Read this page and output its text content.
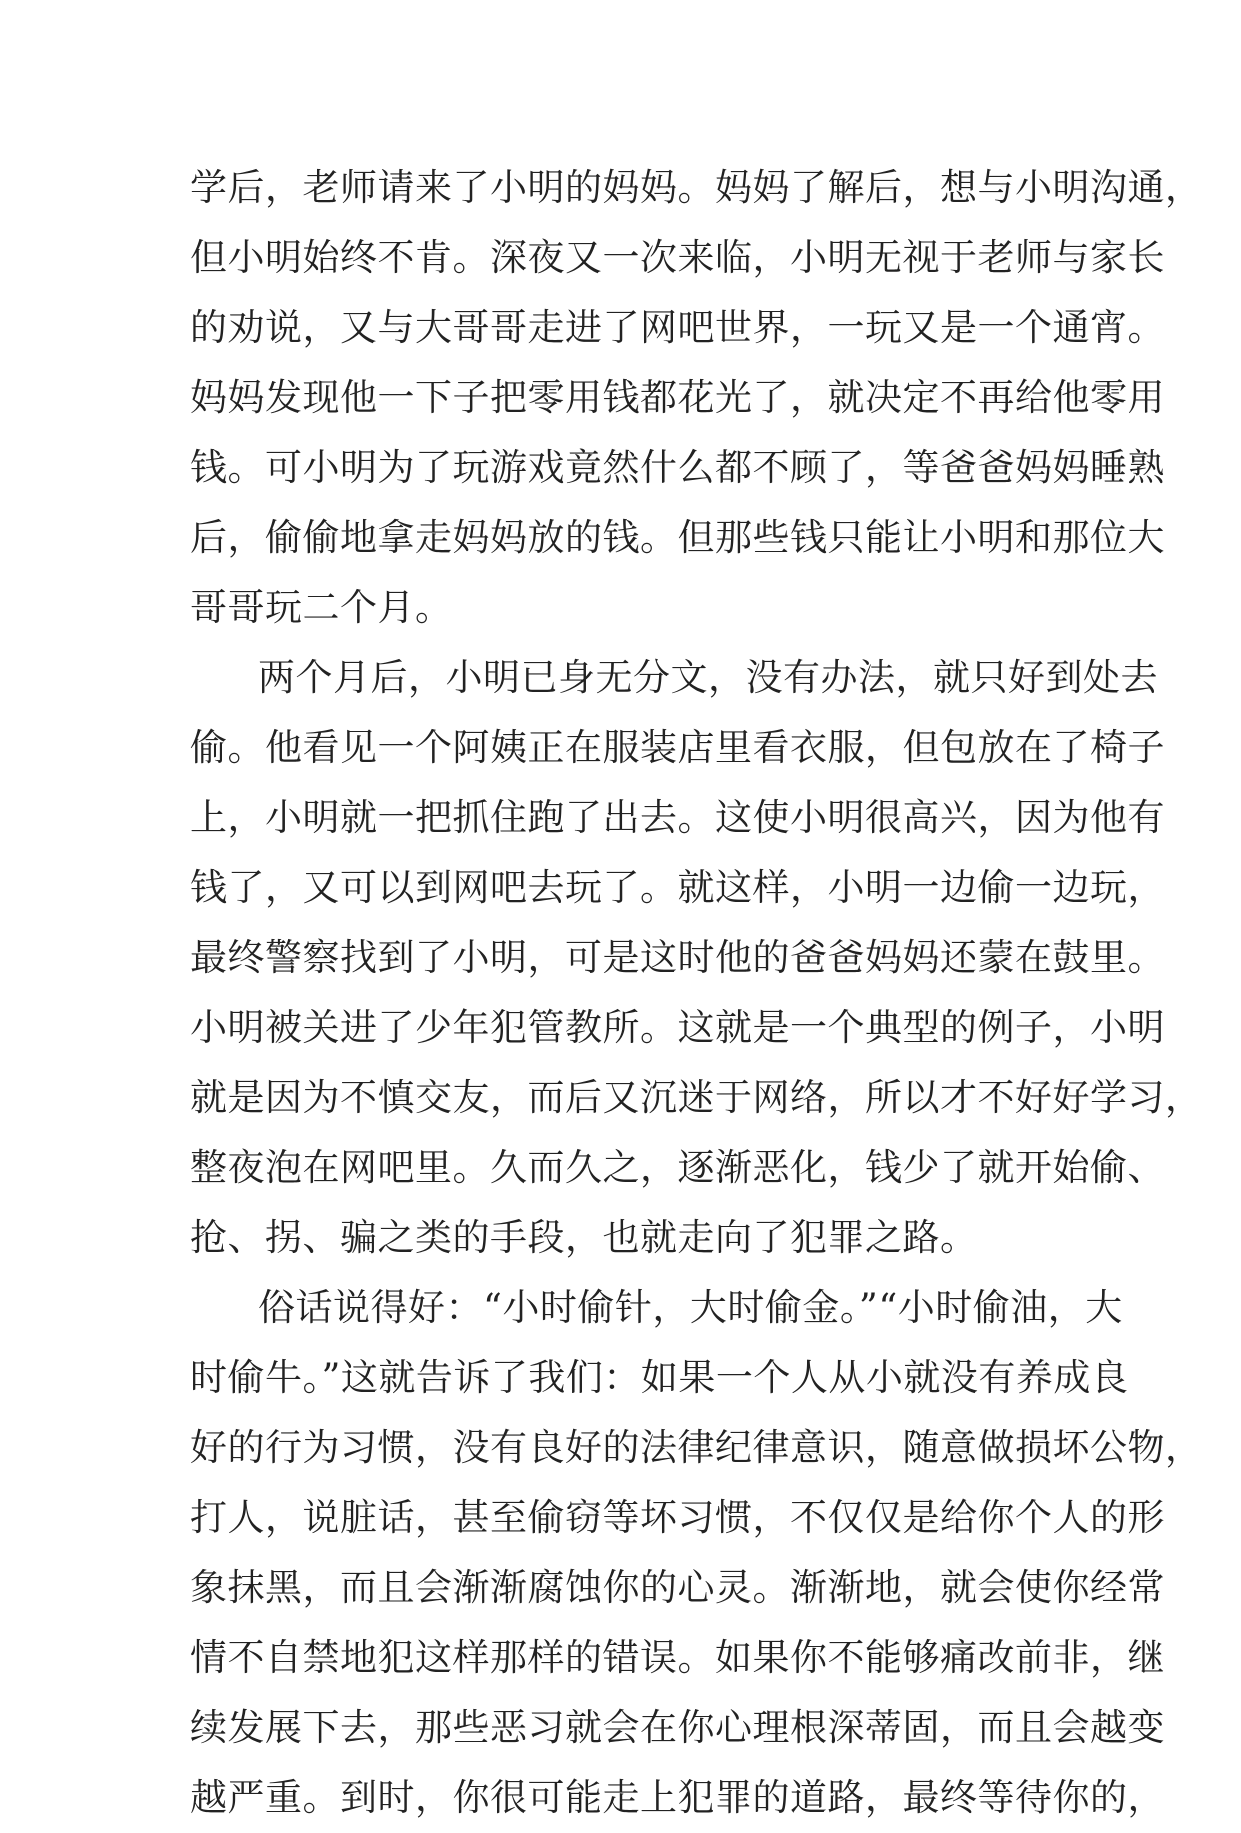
学后，老师请来了小明的妈妈。妈妈了解后，想与小明沟通，
但小明始终不肯。深夜又一次来临，小明无视于老师与家长
的劝说，又与大哥哥走进了网吧世界，一玩又是一个通宵。
妈妈发现他一下子把零用钱都花光了，就决定不再给他零用
钱。可小明为了玩游戏竟然什么都不顾了，等爸爸妈妈睡熟
后，偷偷地拿走妈妈放的钱。但那些钱只能让小明和那位大
哥哥玩二个月。
两个月后，小明已身无分文，没有办法，就只好到处去
偷。他看见一个阿姨正在服装店里看衣服，但包放在了椅子
上，小明就一把抓住跑了出去。这使小明很高兴，因为他有
钱了，又可以到网吧去玩了。就这样，小明一边偷一边玩，
最终警察找到了小明，可是这时他的爸爸妈妈还蒙在鼓里。
小明被关进了少年犯管教所。这就是一个典型的例子，小明
就是因为不慎交友，而后又沉迷于网络，所以才不好好学习，
整夜泡在网吧里。久而久之，逐渐恶化，钱少了就开始偷、
抢、拐、骗之类的手段，也就走向了犯罪之路。
俗话说得好：“小时偷针，大时偷金。”“小时偷油，大
时偷牛。”这就告诉了我们：如果一个人从小就没有养成良
好的行为习惯，没有良好的法律纪律意识，随意做损坏公物，
打人，说脏话，甚至偷窃等坏习惯，不仅仅是给你个人的形
象抹黑，而且会渐渐腐蚀你的心灵。渐渐地，就会使你经常
情不自禁地犯这样那样的错误。如果你不能够痛改前非，继
续发展下去，那些恶习就会在你心理根深蒂固，而且会越变
越严重。到时，你很可能走上犯罪的道路，最终等待你的，
